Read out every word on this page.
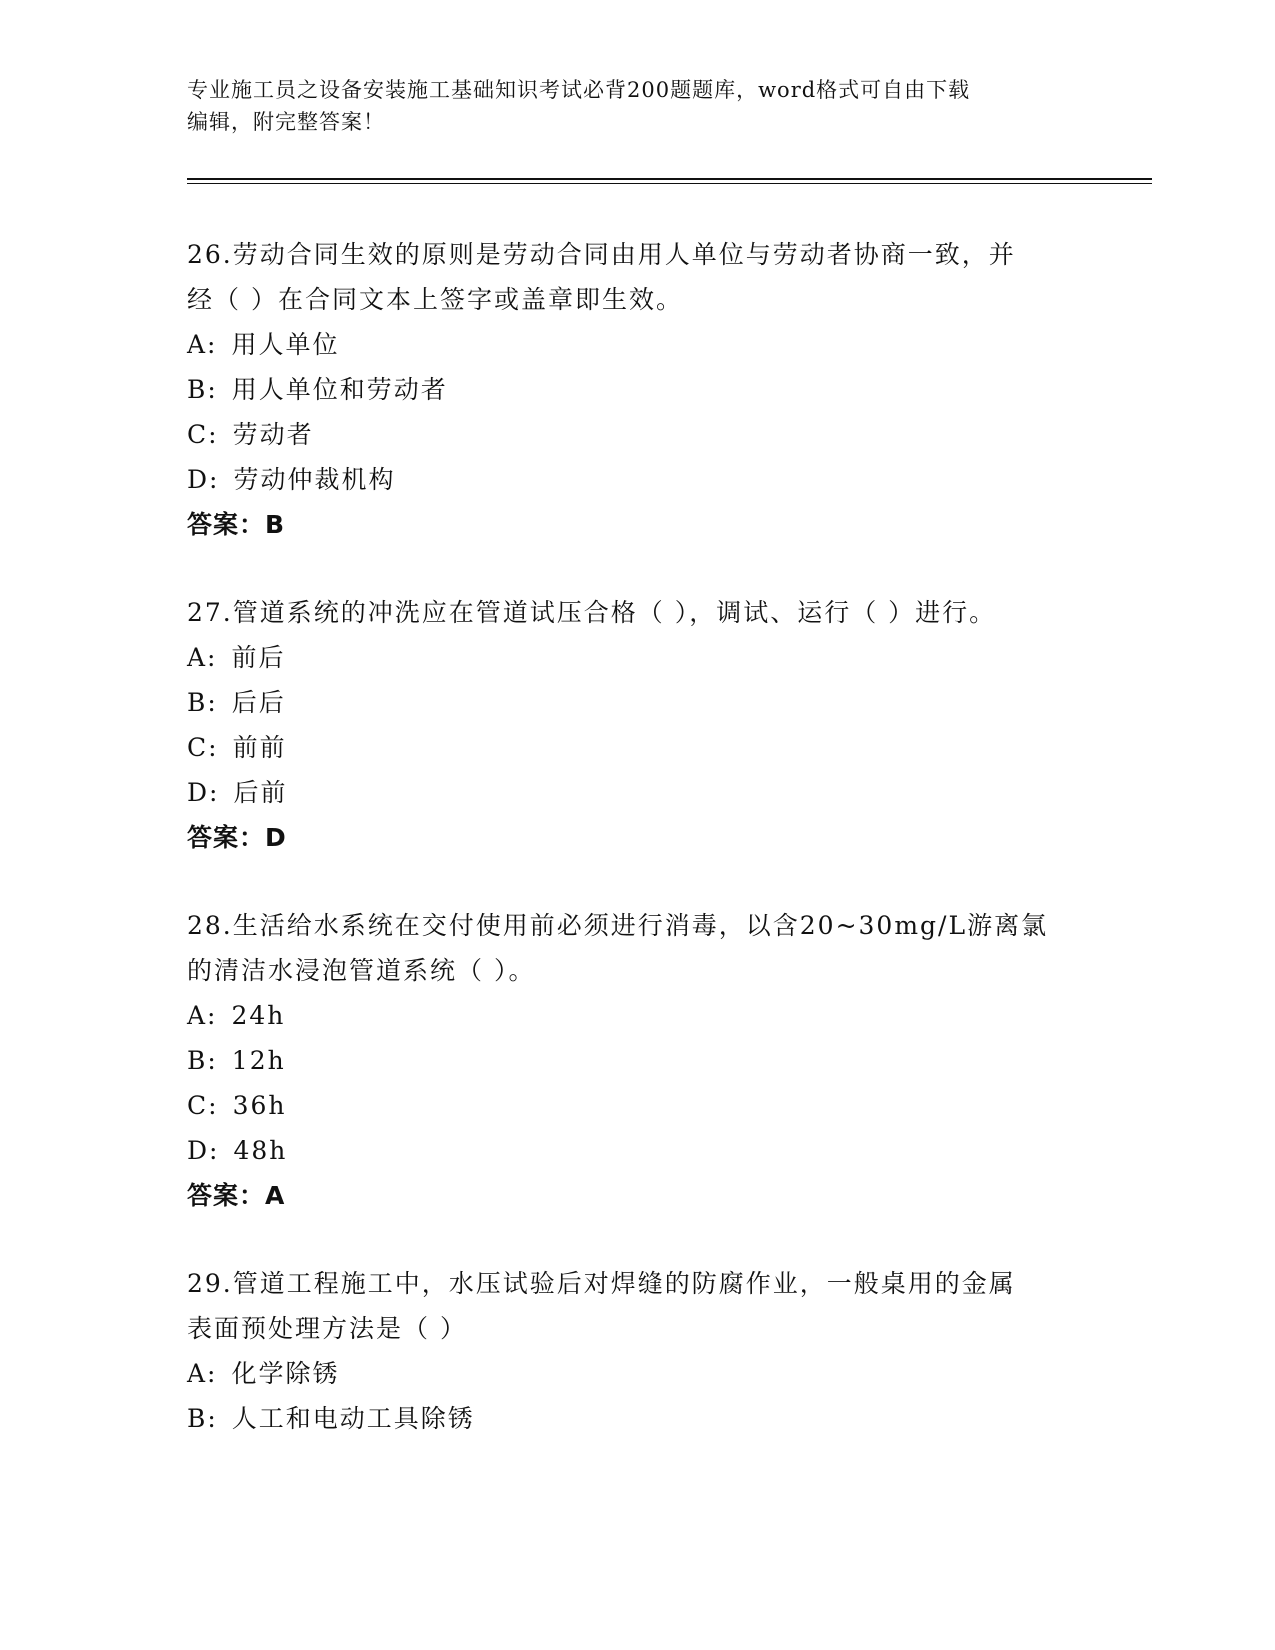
专业施工员之设备安装施工基础知识考试必背200题题库，word格式可自由下载
编辑，附完整答案！

26.劳动合同生效的原则是劳动合同由用人单位与劳动者协商一致，并

经（ ）在合同文本上签字或盖章即生效。

A: 用人单位

B: 用人单位和劳动者

C: 劳动者

D: 劳动仲裁机构

答案：B

27.管道系统的冲洗应在管道试压合格（ ），调试、运行（ ）进行。

A: 前后

B: 后后

C: 前前

D: 后前

答案：D

28.生活给水系统在交付使用前必须进行消毒，以含20~30mg/L游离氯

的清洁水浸泡管道系统（ ）。

A: 24h

B: 12h

C: 36h

D: 48h

答案：A

29.管道工程施工中，水压试验后对焊缝的防腐作业，一般桌用的金属

表面预处理方法是（ ）

A: 化学除锈

B: 人工和电动工具除锈
